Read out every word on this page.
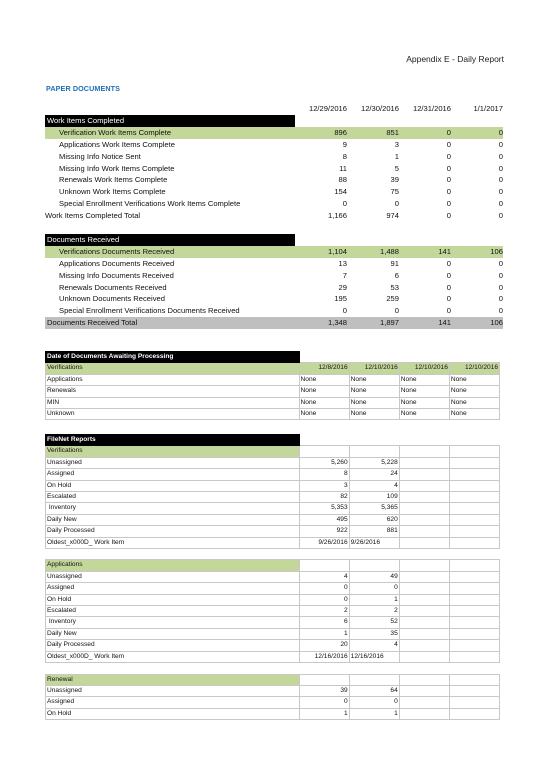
Appendix E - Daily Report
PAPER DOCUMENTS
	12/29/2016	12/30/2016	12/31/2016	1/1/2017
Work Items Completed				
Verification Work Items Complete	896	851	0	0
Applications Work Items Complete	9	3	0	0
Missing Info Notice Sent	8	1	0	0
Missing Info Work Items Complete	11	5	0	0
Renewals Work Items Complete	88	39	0	0
Unknown Work Items Complete	154	75	0	0
Special Enrollment Verifications Work Items Complete	0	0	0	0
Work Items Completed Total	1,166	974	0	0

Documents Received				
Verifications Documents Received	1,104	1,488	141	106
Applications Documents Received	13	91	0	0
Missing Info Documents Received	7	6	0	0
Renewals Documents Received	29	53	0	0
Unknown Documents Received	195	259	0	0
Special Enrollment Verifications Documents Received	0	0	0	0
Documents Received Total	1,348	1,897	141	106
Date of Documents Awaiting Processing				
Verifications	12/8/2016	12/10/2016	12/10/2016	12/10/2016
Applications	None	None	None	None
Renewals	None	None	None	None
MIN	None	None	None	None
Unknown	None	None	None	None
FileNet Reports				
Verifications				
Unassigned	5,260	5,228		
Assigned	8	24		
On Hold	3	4		
Escalated	82	109		
Inventory	5,353	5,365		
Daily New	495	620		
Daily Processed	922	881		
Oldest_x000D_ Work Item	9/26/2016	9/26/2016		

Applications				
Unassigned	4	49		
Assigned	0	0		
On Hold	0	1		
Escalated	2	2		
Inventory	6	52		
Daily New	1	35		
Daily Processed	20	4		
Oldest_x000D_ Work Item	12/16/2016	12/16/2016		

Renewal				
Unassigned	39	64		
Assigned	0	0		
On Hold	1	1		
